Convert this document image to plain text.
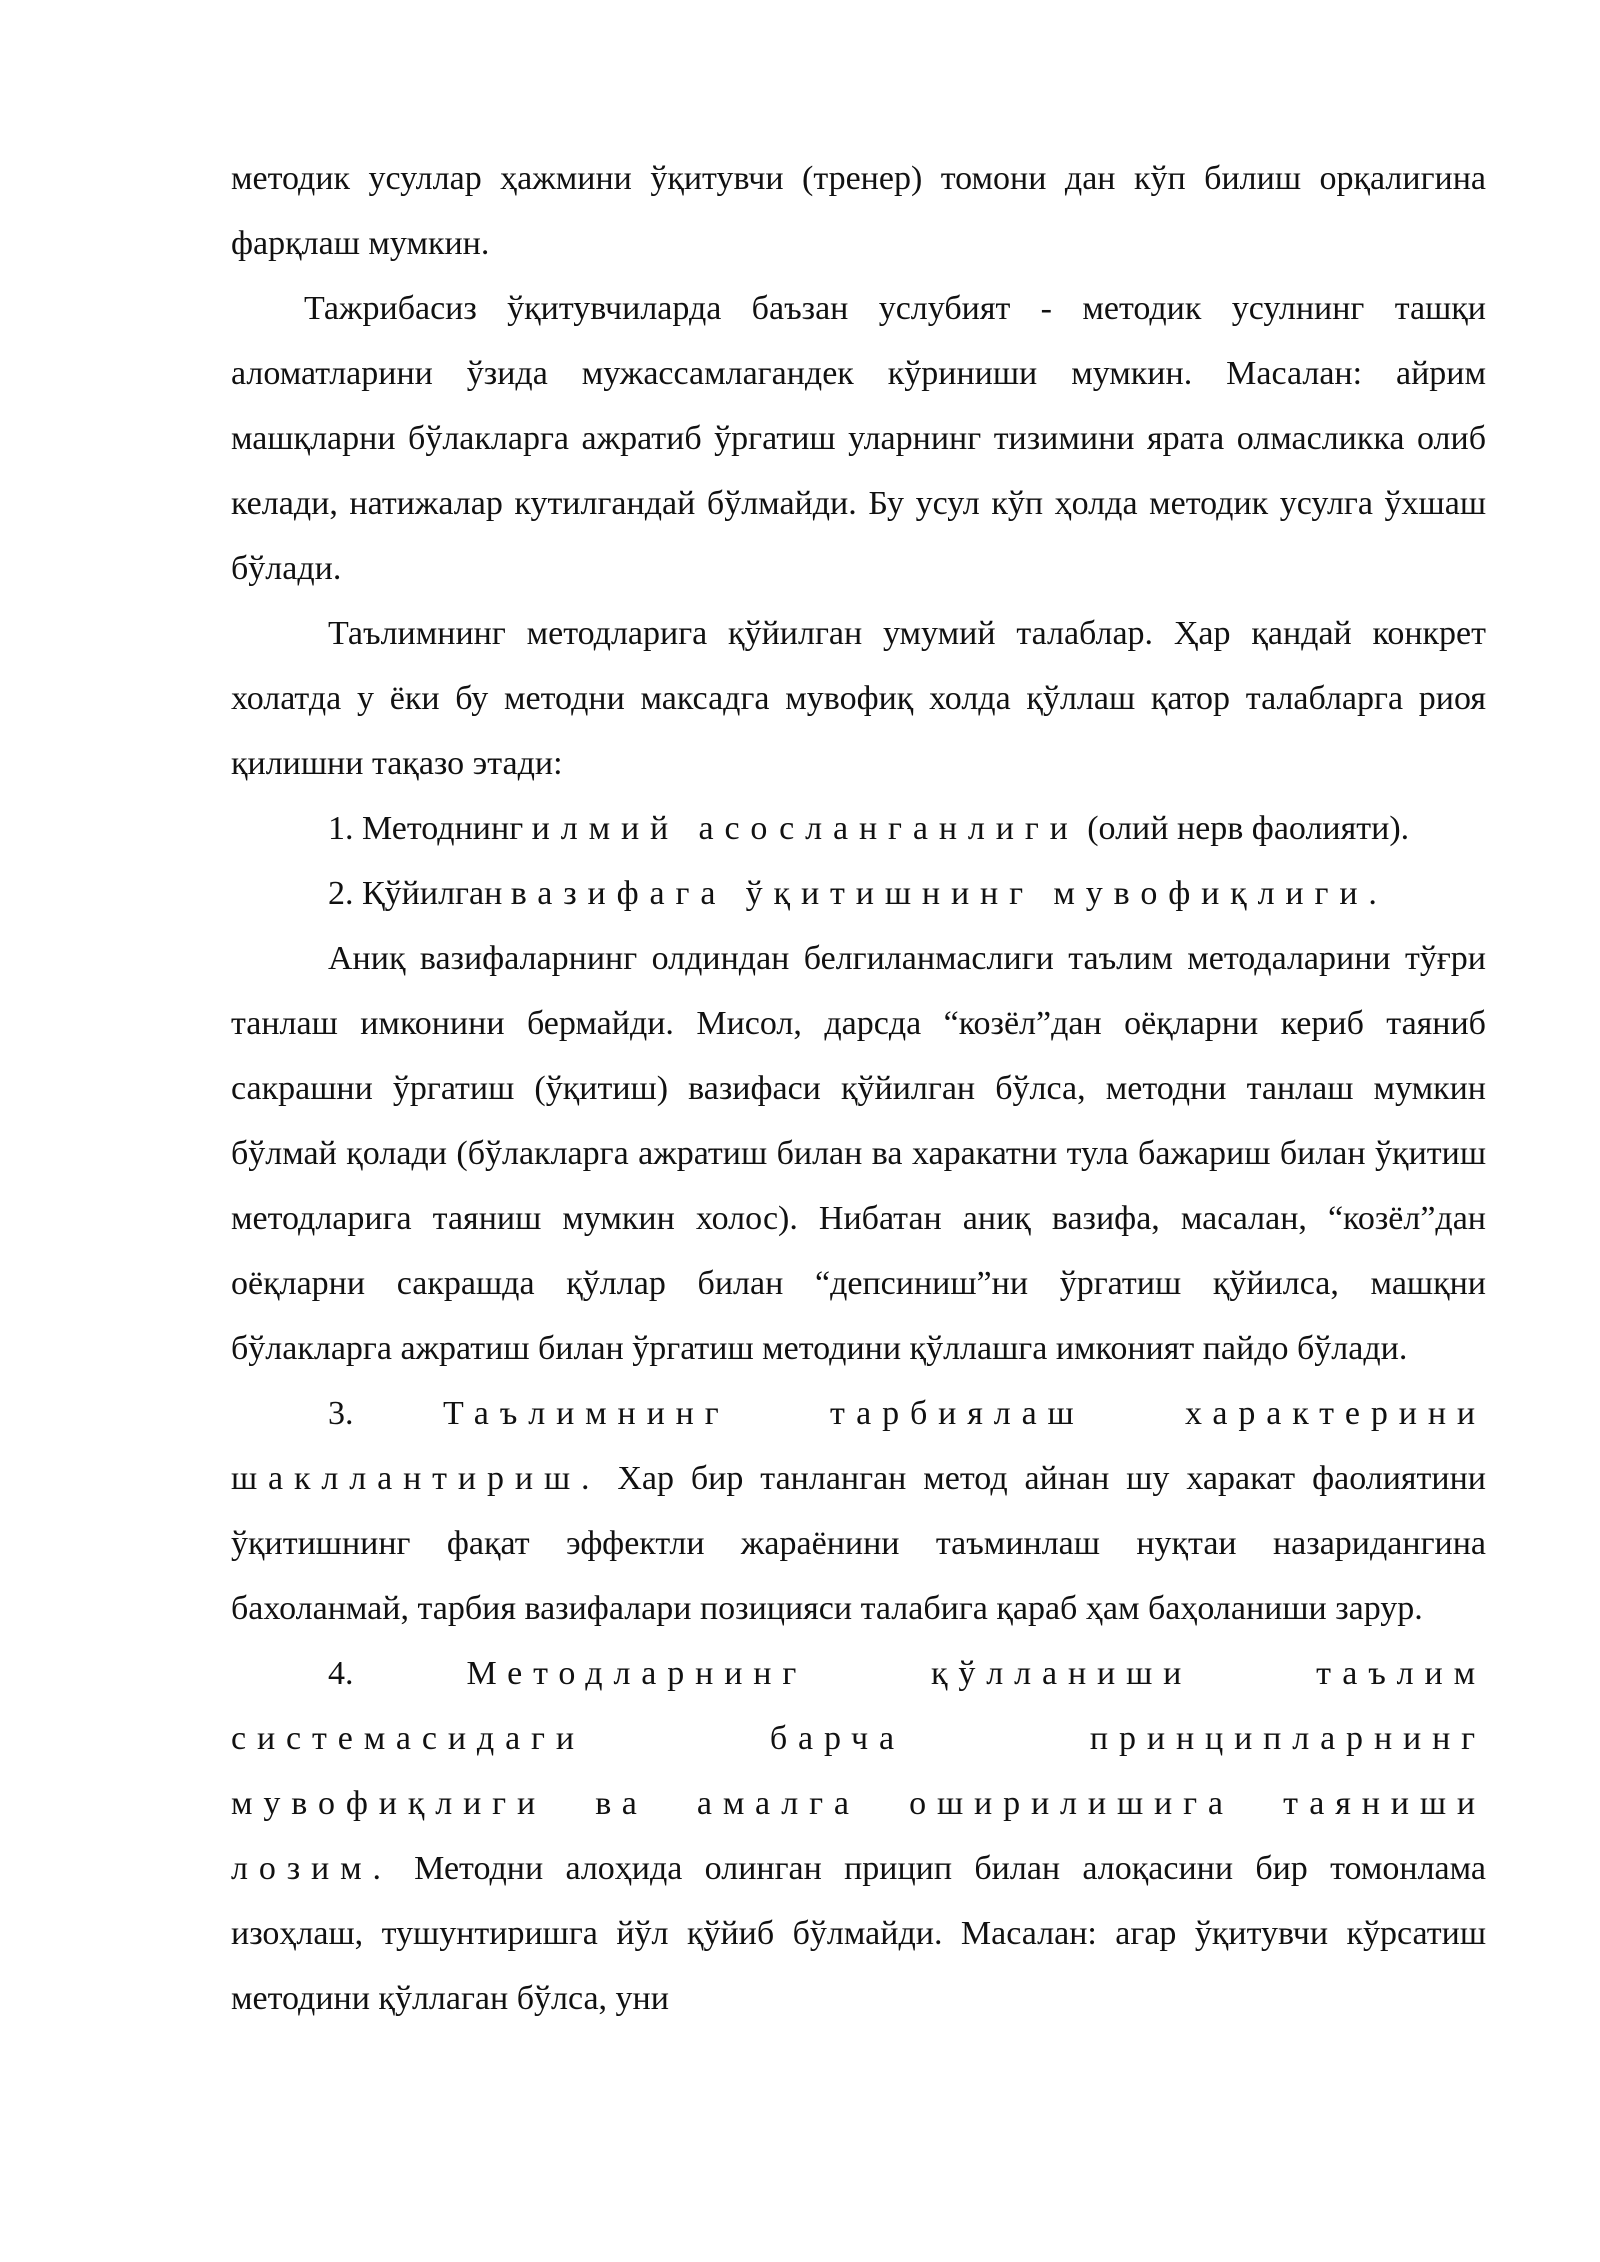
методик усуллар ҳажмини ўқитувчи (тренер) томони дан кўп билиш орқалигина фарқлаш мумкин.

Тажрибасиз ўқитувчиларда баъзан услубият - методик усулнинг ташқи аломатларини ўзида мужассамлагандек кўриниши мумкин. Масалан: айрим машқларни бўлакларга ажратиб ўргатиш уларнинг тизимини ярата олмасликка олиб келади, натижалар кутилгандай бўлмайди. Бу усул кўп ҳолда методик усулга ўхшаш бўлади.

Таълимнинг методларига қўйилган умумий талаблар. Ҳар қандай конкрет холатда у ёки бу методни максадга мувофиқ холда қўллаш қатор талабларга риоя қилишни тақазо этади:

1. Методнинг илмий асосланганлиги (олий нерв фаолияти).

2. Қўйилган вазифага ўқитишнинг мувофиқлиги.

Аниқ вазифаларнинг олдиндан белгиланмаслиги таълим методаларини тўғри танлаш имконини бермайди. Мисол, дарсда “козёл”дан оёқларни кериб таяниб сакрашни ўргатиш (ўқитиш) вазифаси қўйилган бўлса, методни танлаш мумкин бўлмай қолади (бўлакларга ажратиш билан ва харакатни тула бажариш билан ўқитиш методларига таяниш мумкин холос). Нибатан аниқ вазифа, масалан, “козёл”дан оёқларни сакрашда қўллар билан “депсиниш”ни ўргатиш қўйилса, машқни бўлакларга ажратиш билан ўргатиш методини қўллашга имконият пайдо бўлади.

3. Таълимнинг тарбиялаш характерини шакллантириш. Хар бир танланган метод айнан шу харакат фаолиятини ўқитишнинг фақат эффектли жараёнини таъминлаш нуқтаи назаридангина бахоланмай, тарбия вазифалари позицияси талабига қараб ҳам баҳоланиши зарур.

4. Методларнинг қўлланиши таълим системасидаги барча принципларнинг мувофиқлиги ва амалга оширилишига таяниши лозим. Методни алоҳида олинган прицип билан алоқасини бир томонлама изоҳлаш, тушунтиришга йўл қўйиб бўлмайди. Масалан: агар ўқитувчи кўрсатиш методини қўллаган бўлса, уни
